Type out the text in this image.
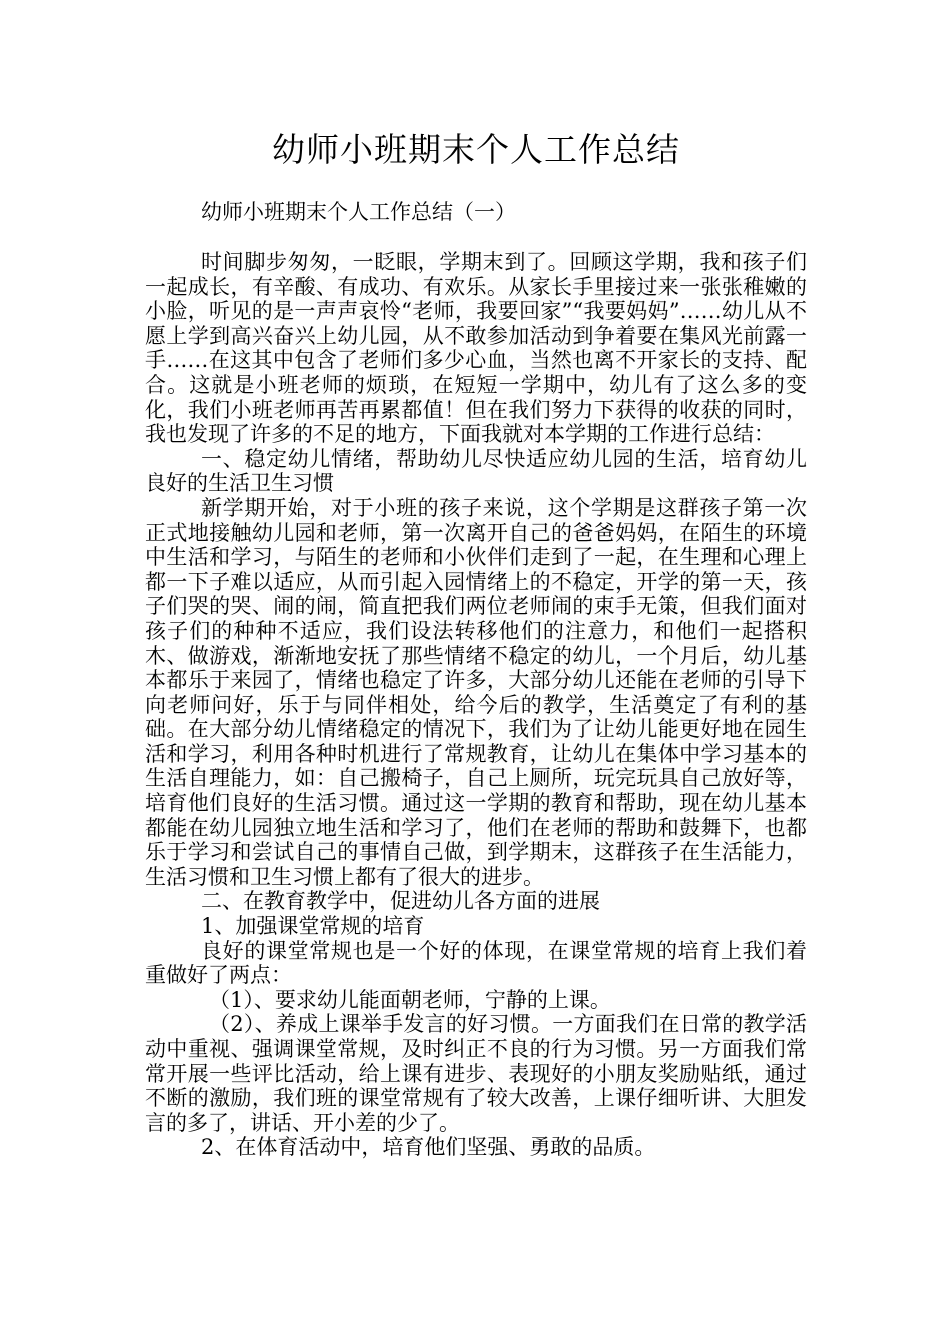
幼师小班期末个人工作总结
幼师小班期末个人工作总结（一）

时间脚步匆匆，一眨眼，学期末到了。回顾这学期，我和孩子们一起成长，有辛酸、有成功、有欢乐。从家长手里接过来一张张稚嫩的小脸，听见的是一声声哀怜“老师，我要回家”“我要妈妈”……幼儿从不愿上学到高兴奋兴上幼儿园，从不敢参加活动到争着要在集风光前露一手……在这其中包含了老师们多少心血，当然也离不开家长的支持、配合。这就是小班老师的烦琐，在短短一学期中，幼儿有了这么多的变化，我们小班老师再苦再累都值！但在我们努力下获得的收获的同时，我也发现了许多的不足的地方，下面我就对本学期的工作进行总结：

一、稳定幼儿情绪，帮助幼儿尽快适应幼儿园的生活，培育幼儿良好的生活卫生习惯

新学期开始，对于小班的孩子来说，这个学期是这群孩子第一次正式地接触幼儿园和老师，第一次离开自己的爸爸妈妈，在陌生的环境中生活和学习，与陌生的老师和小伙伴们走到了一起，在生理和心理上都一下子难以适应，从而引起入园情绪上的不稳定，开学的第一天，孩子们哭的哭、闹的闹，简直把我们两位老师闹的束手无策，但我们面对孩子们的种种不适应，我们设法转移他们的注意力，和他们一起搭积木、做游戏，渐渐地安抚了那些情绪不稳定的幼儿，一个月后，幼儿基本都乐于来园了，情绪也稳定了许多，大部分幼儿还能在老师的引导下向老师问好，乐于与同伴相处，给今后的教学，生活奠定了有利的基础。在大部分幼儿情绪稳定的情况下，我们为了让幼儿能更好地在园生活和学习，利用各种时机进行了常规教育，让幼儿在集体中学习基本的生活自理能力，如：自己搬椅子，自己上厕所，玩完玩具自己放好等，培育他们良好的生活习惯。通过这一学期的教育和帮助，现在幼儿基本都能在幼儿园独立地生活和学习了，他们在老师的帮助和鼓舞下，也都乐于学习和尝试自己的事情自己做，到学期末，这群孩子在生活能力，生活习惯和卫生习惯上都有了很大的进步。

二、在教育教学中，促进幼儿各方面的进展

1、加强课堂常规的培育

良好的课堂常规也是一个好的体现，在课堂常规的培育上我们着重做好了两点：

（1）、要求幼儿能面朝老师，宁静的上课。

（2）、养成上课举手发言的好习惯。一方面我们在日常的教学活动中重视、强调课堂常规，及时纠正不良的行为习惯。另一方面我们常常开展一些评比活动，给上课有进步、表现好的小朋友奖励贴纸，通过不断的激励，我们班的课堂常规有了较大改善，上课仔细听讲、大胆发言的多了，讲话、开小差的少了。

2、在体育活动中，培育他们坚强、勇敢的品质。
